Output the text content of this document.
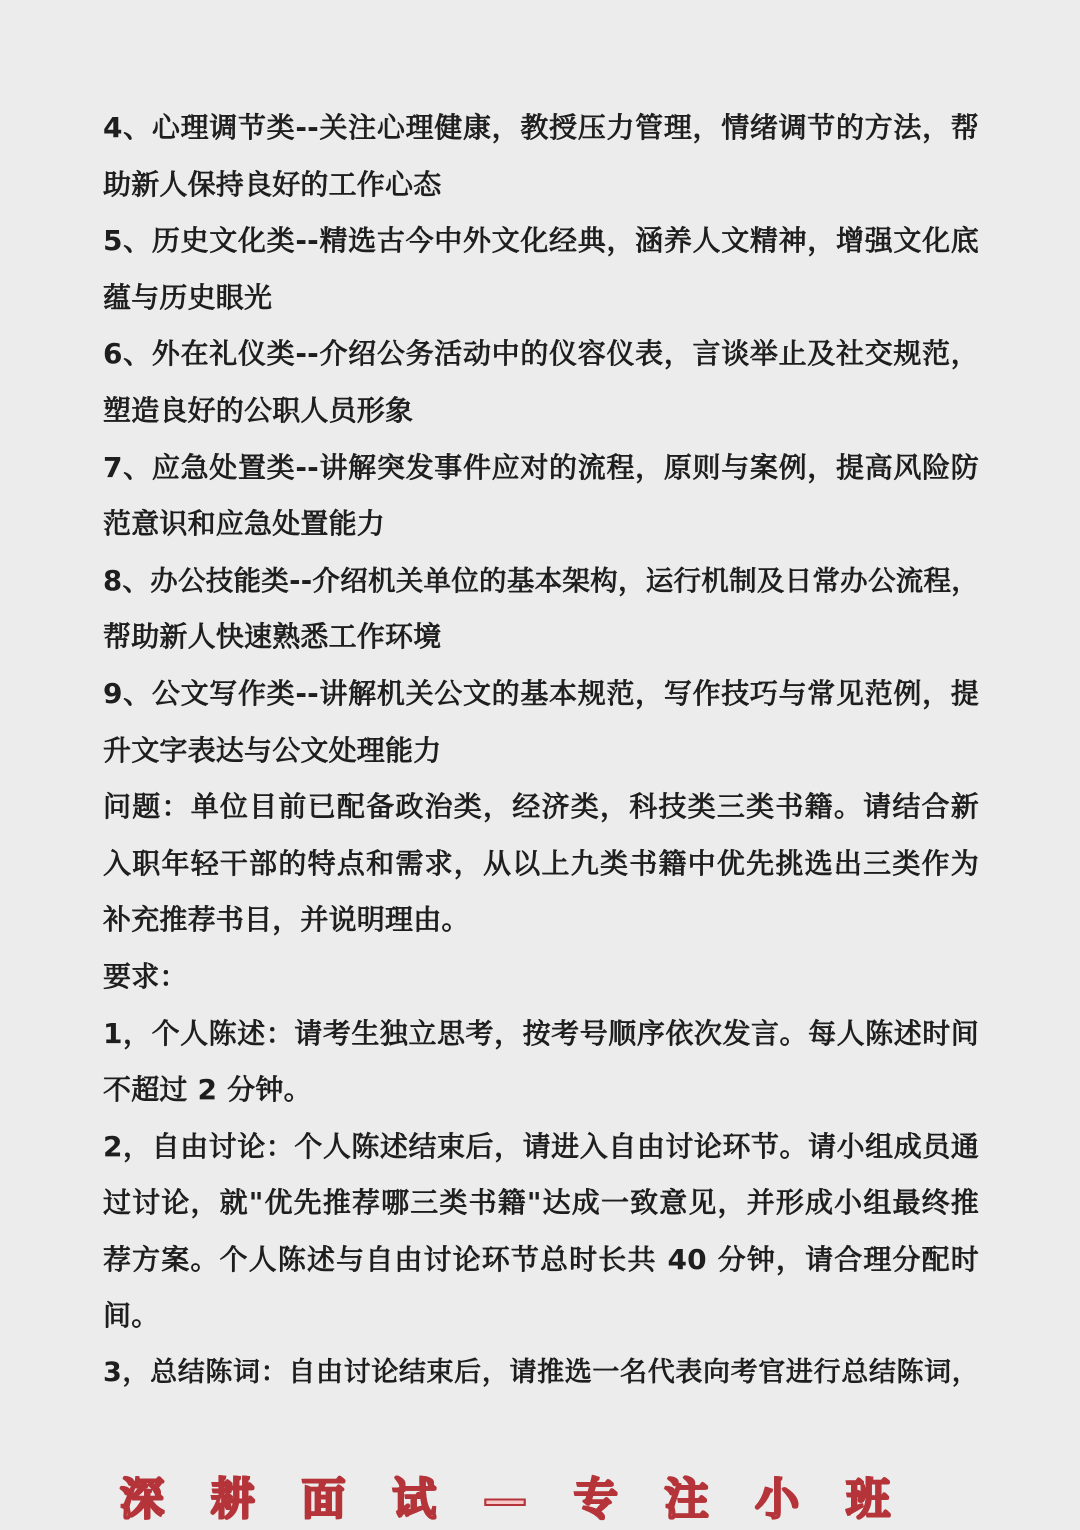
4、心理调节类--关注心理健康，教授压力管理，情绪调节的方法，帮
助新人保持良好的工作心态
5、历史文化类--精选古今中外文化经典，涵养人文精神，增强文化底
蕴与历史眼光
6、外在礼仪类--介绍公务活动中的仪容仪表，言谈举止及社交规范，
塑造良好的公职人员形象
7、应急处置类--讲解突发事件应对的流程，原则与案例，提高风险防
范意识和应急处置能力
8、办公技能类--介绍机关单位的基本架构，运行机制及日常办公流程，
帮助新人快速熟悉工作环境
9、公文写作类--讲解机关公文的基本规范，写作技巧与常见范例，提
升文字表达与公文处理能力
问题：单位目前已配备政治类，经济类，科技类三类书籍。请结合新
入职年轻干部的特点和需求，从以上九类书籍中优先挑选出三类作为
补充推荐书目，并说明理由。
要求：
1，个人陈述：请考生独立思考，按考号顺序依次发言。每人陈述时间
不超过 2 分钟。
2，自由讨论：个人陈述结束后，请进入自由讨论环节。请小组成员通
过讨论，就"优先推荐哪三类书籍"达成一致意见，并形成小组最终推
荐方案。个人陈述与自由讨论环节总时长共 40 分钟，请合理分配时
间。
3，总结陈词：自由讨论结束后，请推选一名代表向考官进行总结陈词，
深 耕 面 试 — 专 注 小 班
